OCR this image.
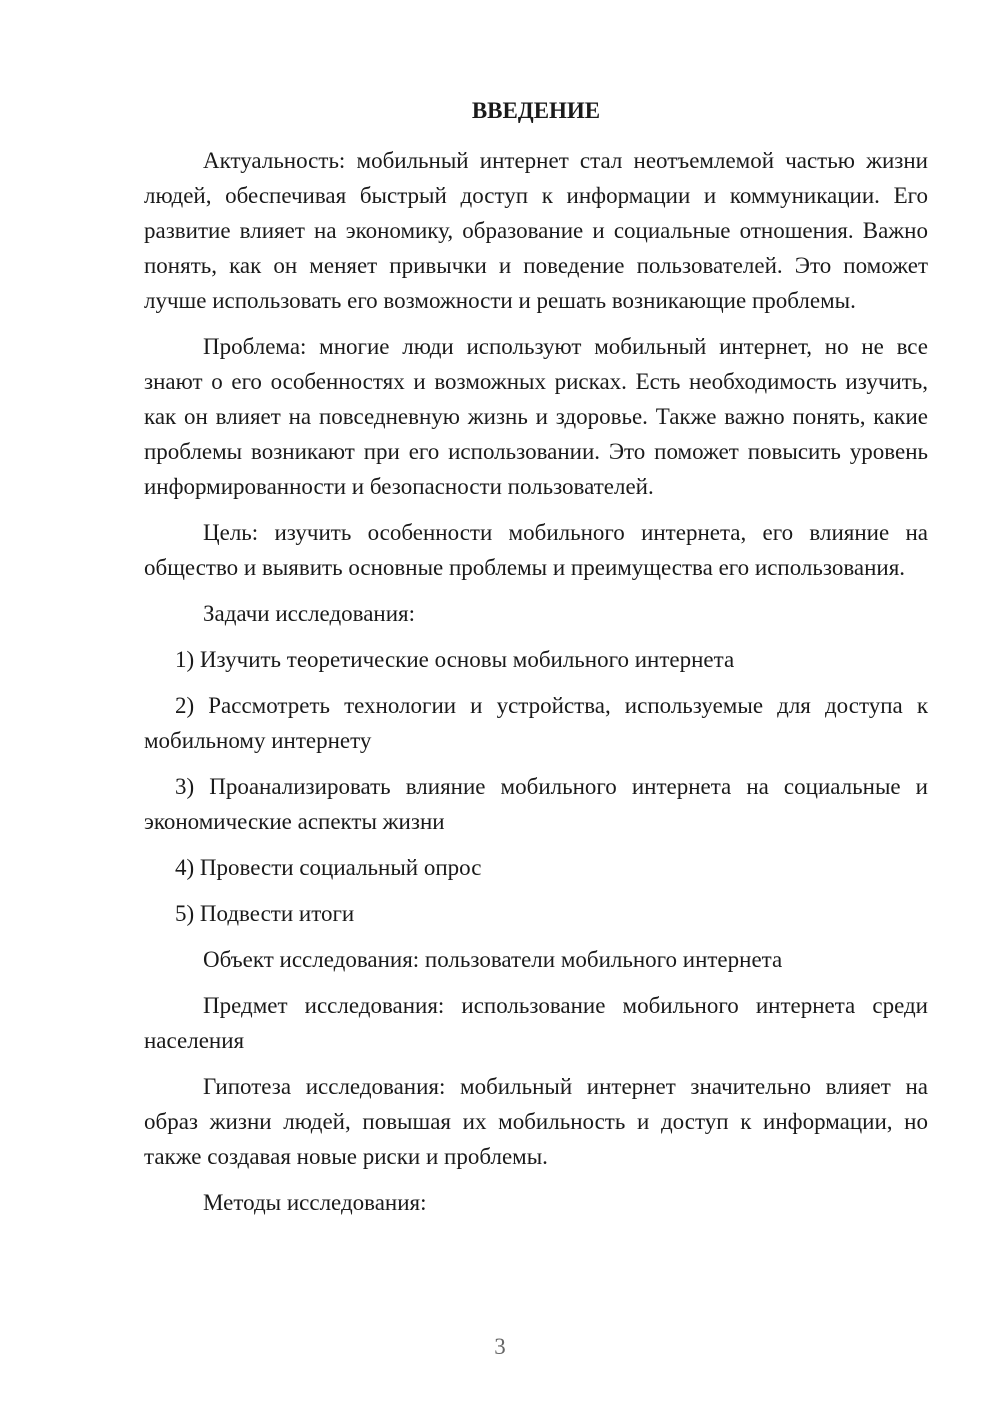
ВВЕДЕНИЕ

Актуальность: мобильный интернет стал неотъемлемой частью жизни людей, обеспечивая быстрый доступ к информации и коммуникации. Его развитие влияет на экономику, образование и социальные отношения. Важно понять, как он меняет привычки и поведение пользователей. Это поможет лучше использовать его возможности и решать возникающие проблемы.

Проблема: многие люди используют мобильный интернет, но не все знают о его особенностях и возможных рисках. Есть необходимость изучить, как он влияет на повседневную жизнь и здоровье. Также важно понять, какие проблемы возникают при его использовании. Это поможет повысить уровень информированности и безопасности пользователей.

Цель: изучить особенности мобильного интернета, его влияние на общество и выявить основные проблемы и преимущества его использования.

Задачи исследования:

1) Изучить теоретические основы мобильного интернета

2) Рассмотреть технологии и устройства, используемые для доступа к мобильному интернету

3) Проанализировать влияние мобильного интернета на социальные и экономические аспекты жизни

4) Провести социальный опрос

5) Подвести итоги

Объект исследования: пользователи мобильного интернета

Предмет исследования: использование мобильного интернета среди населения

Гипотеза исследования: мобильный интернет значительно влияет на образ жизни людей, повышая их мобильность и доступ к информации, но также создавая новые риски и проблемы.

Методы исследования:

3
